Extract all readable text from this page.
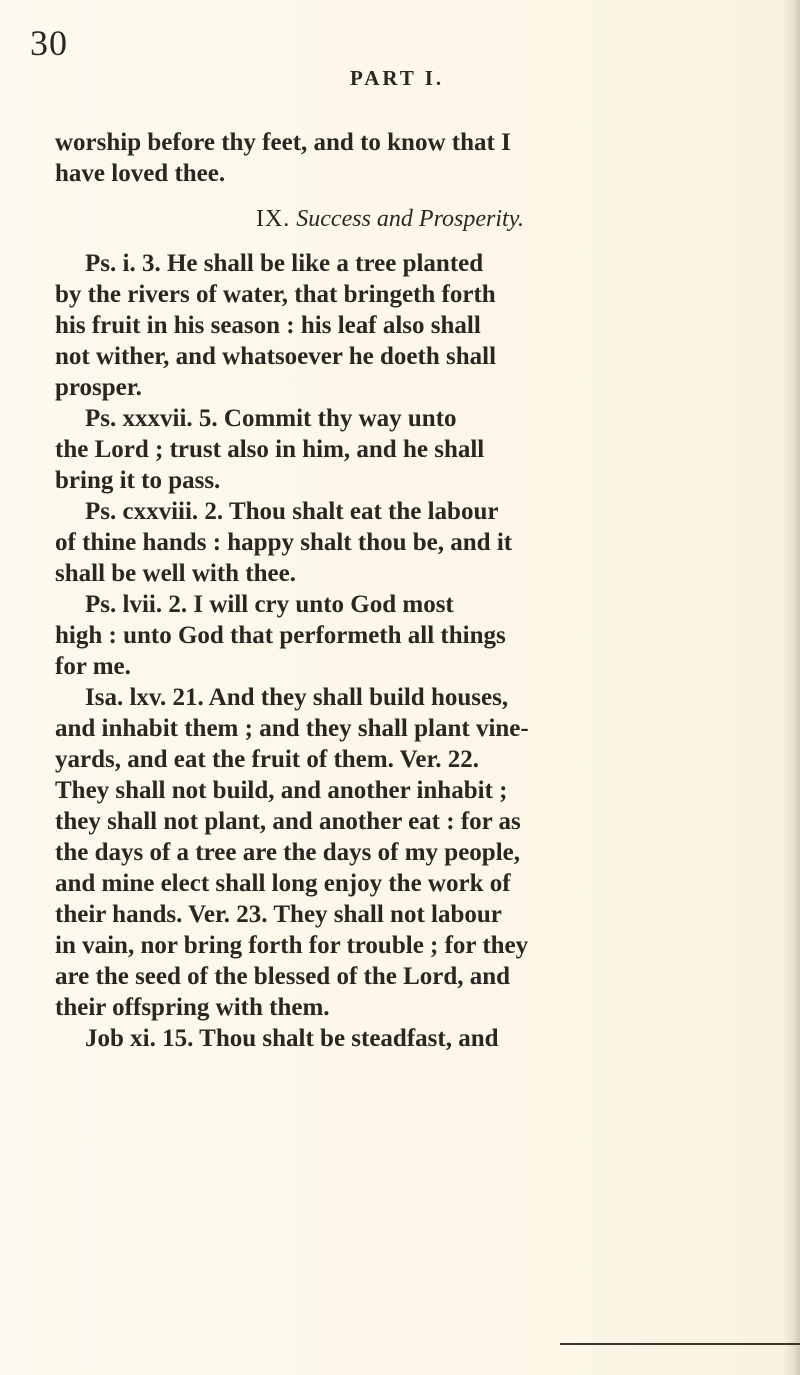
30
PART I.
worship before thy feet, and to know that I
have loved thee.
IX. Success and Prosperity.
Ps. i. 3. He shall be like a tree planted
by the rivers of water, that bringeth forth
his fruit in his season : his leaf also shall
not wither, and whatsoever he doeth shall
prosper.
Ps. xxxvii. 5. Commit thy way unto
the Lord ; trust also in him, and he shall
bring it to pass.
Ps. cxxviii. 2. Thou shalt eat the labour
of thine hands : happy shalt thou be, and it
shall be well with thee.
Ps. lvii. 2. I will cry unto God most
high : unto God that performeth all things
for me.
Isa. lxv. 21. And they shall build houses,
and inhabit them ; and they shall plant vine-
yards, and eat the fruit of them. Ver. 22.
They shall not build, and another inhabit ;
they shall not plant, and another eat : for as
the days of a tree are the days of my people,
and mine elect shall long enjoy the work of
their hands. Ver. 23. They shall not labour
in vain, nor bring forth for trouble ; for they
are the seed of the blessed of the Lord, and
their offspring with them.
Job xi. 15. Thou shalt be steadfast, and
